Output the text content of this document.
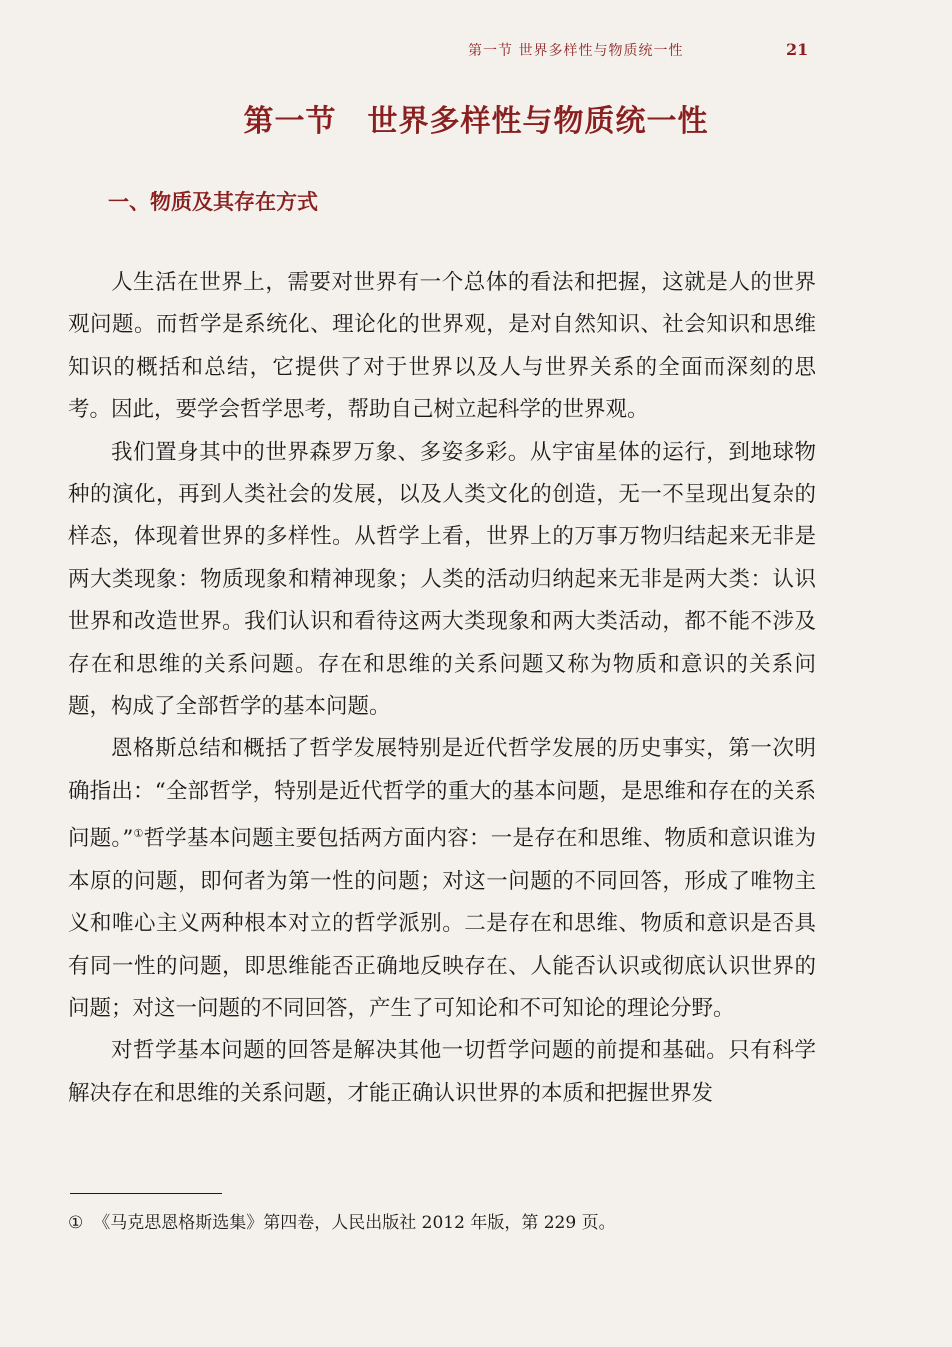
第一节 世界多样性与物质统一性	21
第一节　世界多样性与物质统一性
一、物质及其存在方式

人生活在世界上，需要对世界有一个总体的看法和把握，这就是人的世界观问题。而哲学是系统化、理论化的世界观，是对自然知识、社会知识和思维知识的概括和总结，它提供了对于世界以及人与世界关系的全面而深刻的思考。因此，要学会哲学思考，帮助自己树立起科学的世界观。

我们置身其中的世界森罗万象、多姿多彩。从宇宙星体的运行，到地球物种的演化，再到人类社会的发展，以及人类文化的创造，无一不呈现出复杂的样态，体现着世界的多样性。从哲学上看，世界上的万事万物归结起来无非是两大类现象：物质现象和精神现象；人类的活动归纳起来无非是两大类：认识世界和改造世界。我们认识和看待这两大类现象和两大类活动，都不能不涉及存在和思维的关系问题。存在和思维的关系问题又称为物质和意识的关系问题，构成了全部哲学的基本问题。

恩格斯总结和概括了哲学发展特别是近代哲学发展的历史事实，第一次明确指出：“全部哲学，特别是近代哲学的重大的基本问题，是思维和存在的关系问题。”①哲学基本问题主要包括两方面内容：一是存在和思维、物质和意识谁为本原的问题，即何者为第一性的问题；对这一问题的不同回答，形成了唯物主义和唯心主义两种根本对立的哲学派别。二是存在和思维、物质和意识是否具有同一性的问题，即思维能否正确地反映存在、人能否认识或彻底认识世界的问题；对这一问题的不同回答，产生了可知论和不可知论的理论分野。

对哲学基本问题的回答是解决其他一切哲学问题的前提和基础。只有科学解决存在和思维的关系问题，才能正确认识世界的本质和把握世界发

① 《马克思恩格斯选集》第四卷，人民出版社 2012 年版，第 229 页。
